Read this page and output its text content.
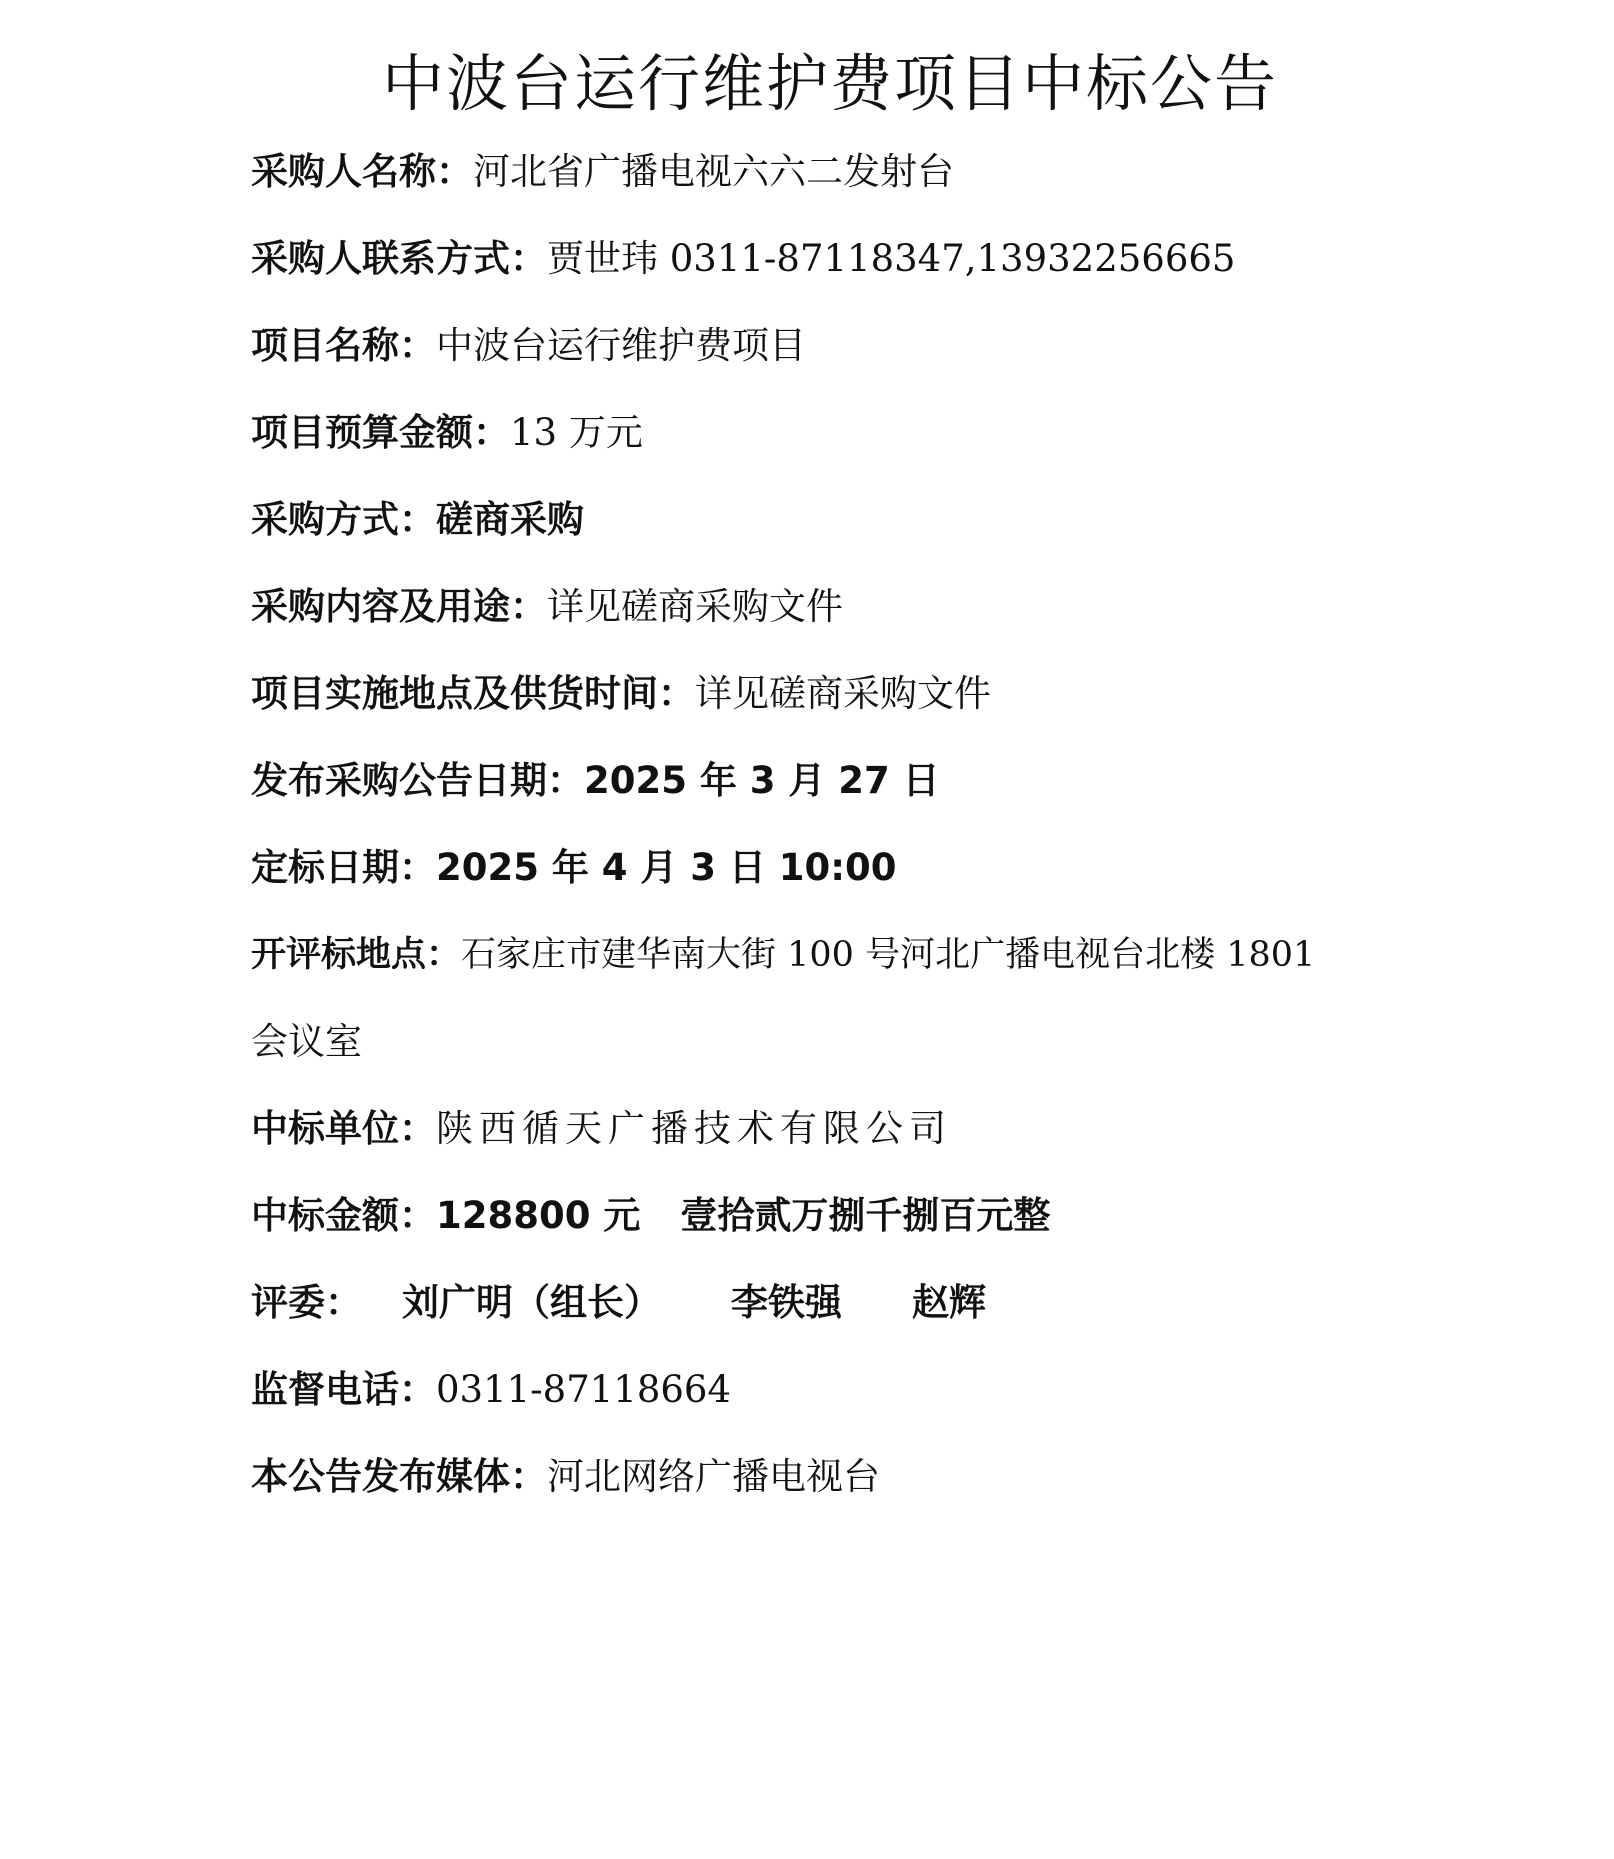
中波台运行维护费项目中标公告
采购人名称：河北省广播电视六六二发射台
采购人联系方式：贾世玮 0311-87118347,13932256665
项目名称：中波台运行维护费项目
项目预算金额：13 万元
采购方式：磋商采购
采购内容及用途：详见磋商采购文件
项目实施地点及供货时间：详见磋商采购文件
发布采购公告日期：2025 年 3 月 27 日
定标日期：2025 年 4 月 3 日 10:00
开评标地点：石家庄市建华南大街 100 号河北广播电视台北楼 1801
会议室
中标单位：陕西循天广播技术有限公司
中标金额：128800 元 壹拾贰万捌千捌百元整
评委： 刘广明（组长） 李铁强 赵辉
监督电话：0311-87118664
本公告发布媒体：河北网络广播电视台
